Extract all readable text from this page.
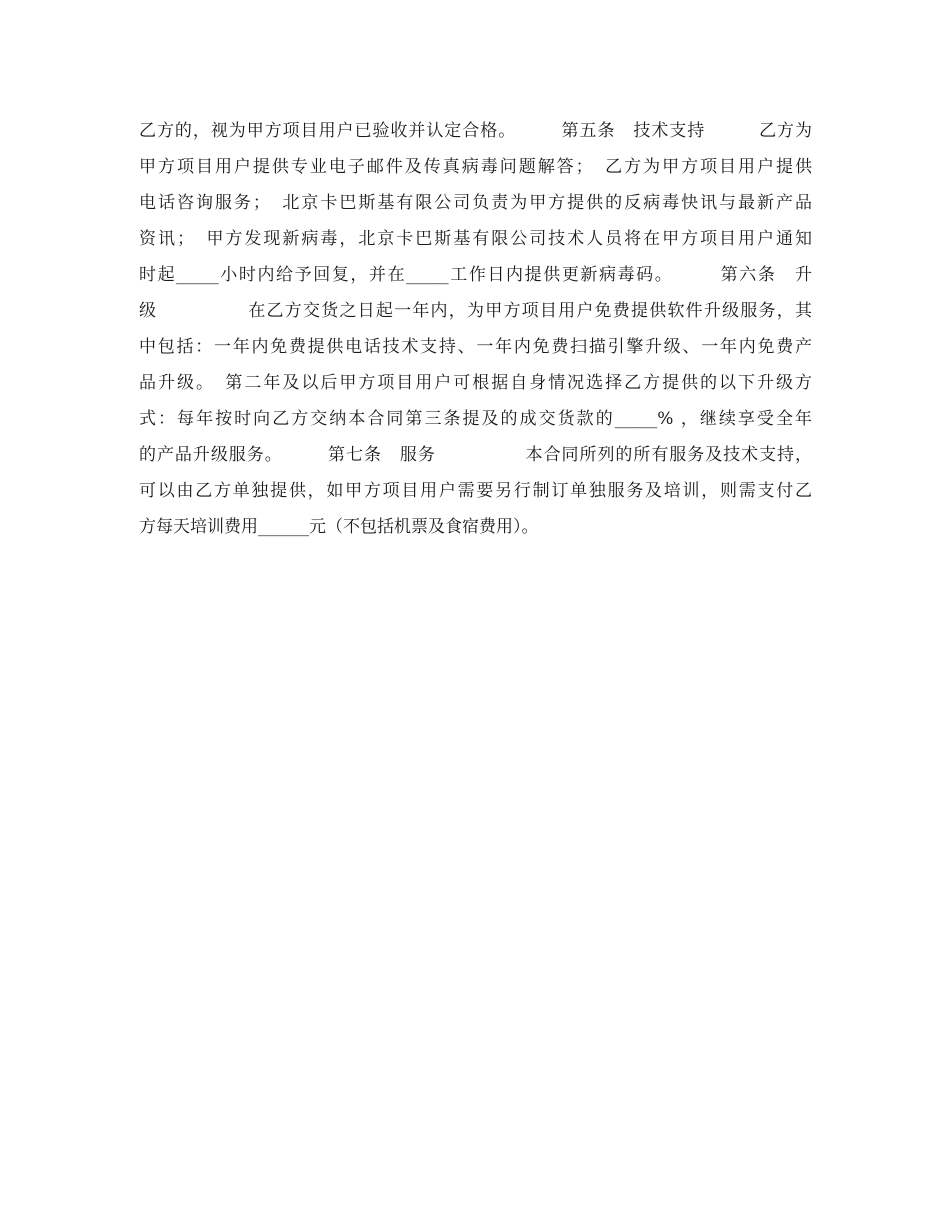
乙方的，视为甲方项目用户已验收并认定合格。　　　第五条　技术支持　　　乙方为
甲方项目用户提供专业电子邮件及传真病毒问题解答；　乙方为甲方项目用户提供
电话咨询服务；　北京卡巴斯基有限公司负责为甲方提供的反病毒快讯与最新产品
资讯；　甲方发现新病毒，北京卡巴斯基有限公司技术人员将在甲方项目用户通知
时起_____小时内给予回复，并在_____工作日内提供更新病毒码。　　　第六条　升
级　　　　　在乙方交货之日起一年内，为甲方项目用户免费提供软件升级服务，其
中包括：一年内免费提供电话技术支持、一年内免费扫描引擎升级、一年内免费产
品升级。　第二年及以后甲方项目用户可根据自身情况选择乙方提供的以下升级方
式：每年按时向乙方交纳本合同第三条提及的成交货款的_____% ，继续享受全年
的产品升级服务。　　　第七条　服务　　　　　本合同所列的所有服务及技术支持，
可以由乙方单独提供，如甲方项目用户需要另行制订单独服务及培训，则需支付乙
方每天培训费用______元（不包括机票及食宿费用）。
